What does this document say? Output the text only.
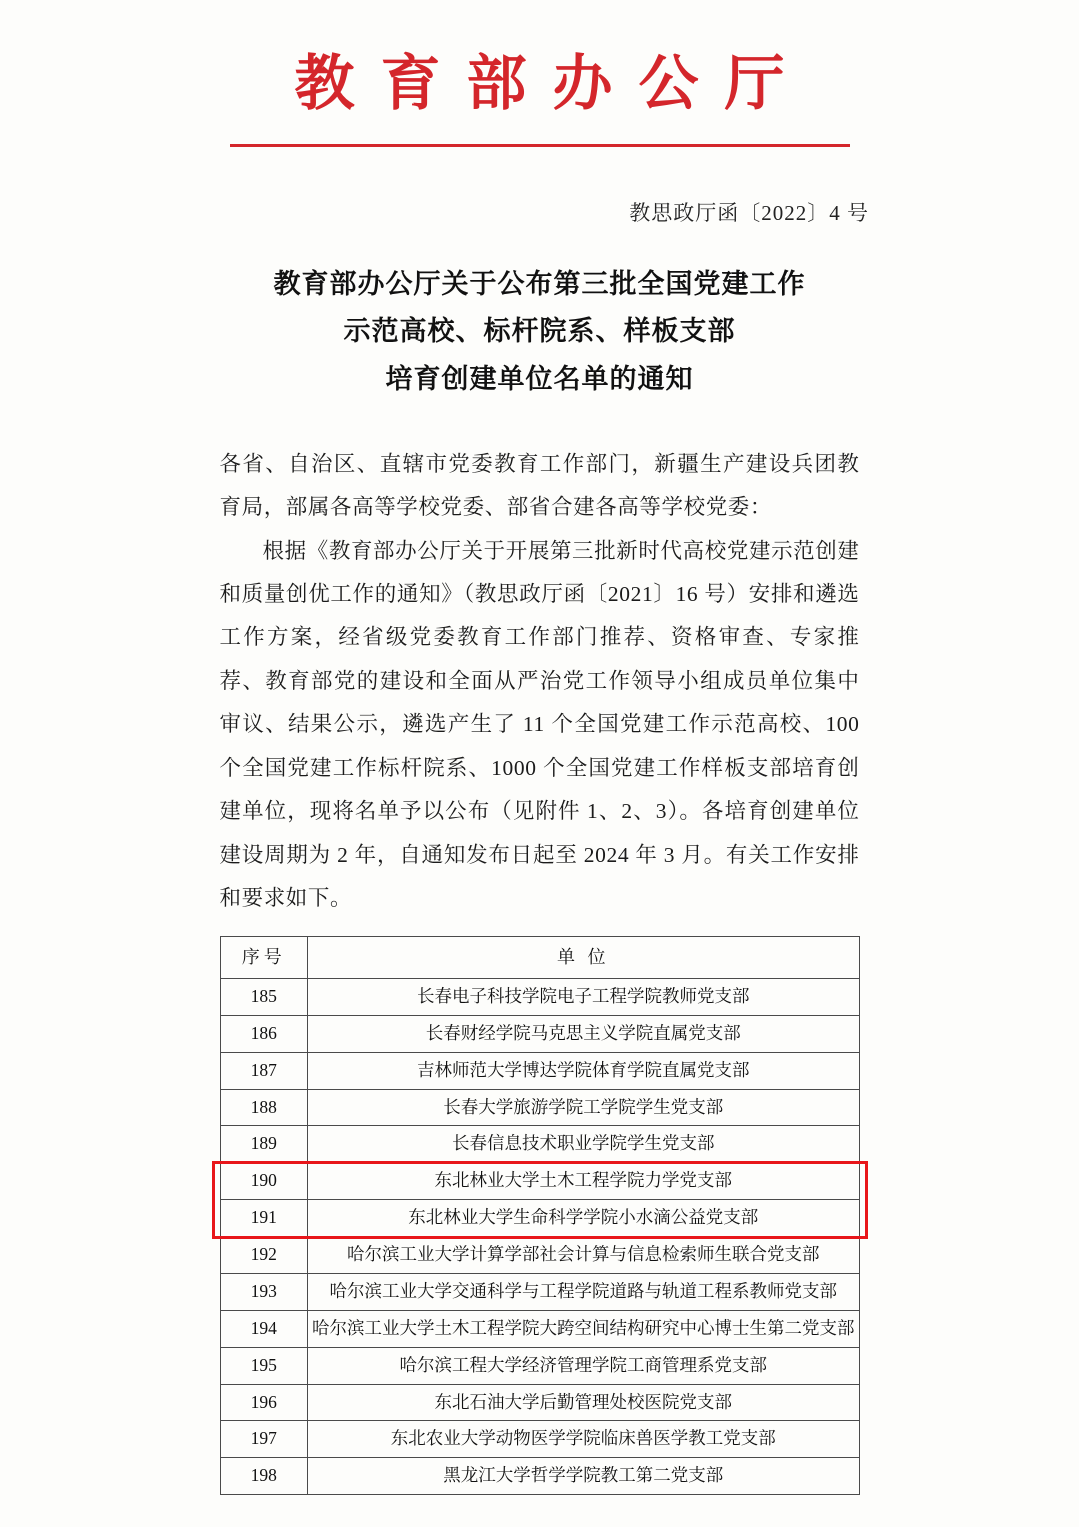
教育部办公厅
教思政厅函〔2022〕4 号
教育部办公厅关于公布第三批全国党建工作
示范高校、标杆院系、样板支部
培育创建单位名单的通知

各省、自治区、直辖市党委教育工作部门，新疆生产建设兵团教育局，部属各高等学校党委、部省合建各高等学校党委：

根据《教育部办公厅关于开展第三批新时代高校党建示范创建和质量创优工作的通知》（教思政厅函〔2021〕16 号）安排和遴选工作方案，经省级党委教育工作部门推荐、资格审查、专家推荐、教育部党的建设和全面从严治党工作领导小组成员单位集中审议、结果公示，遴选产生了 11 个全国党建工作示范高校、100 个全国党建工作标杆院系、1000 个全国党建工作样板支部培育创建单位，现将名单予以公布（见附件 1、2、3）。各培育创建单位建设周期为 2 年，自通知发布日起至 2024 年 3 月。有关工作安排和要求如下。

序号	单 位
185	长春电子科技学院电子工程学院教师党支部
186	长春财经学院马克思主义学院直属党支部
187	吉林师范大学博达学院体育学院直属党支部
188	长春大学旅游学院工学院学生党支部
189	长春信息技术职业学院学生党支部
190	东北林业大学土木工程学院力学党支部
191	东北林业大学生命科学学院小水滴公益党支部
192	哈尔滨工业大学计算学部社会计算与信息检索师生联合党支部
193	哈尔滨工业大学交通科学与工程学院道路与轨道工程系教师党支部
194	哈尔滨工业大学土木工程学院大跨空间结构研究中心博士生第二党支部
195	哈尔滨工程大学经济管理学院工商管理系党支部
196	东北石油大学后勤管理处校医院党支部
197	东北农业大学动物医学学院临床兽医学教工党支部
198	黑龙江大学哲学学院教工第二党支部
